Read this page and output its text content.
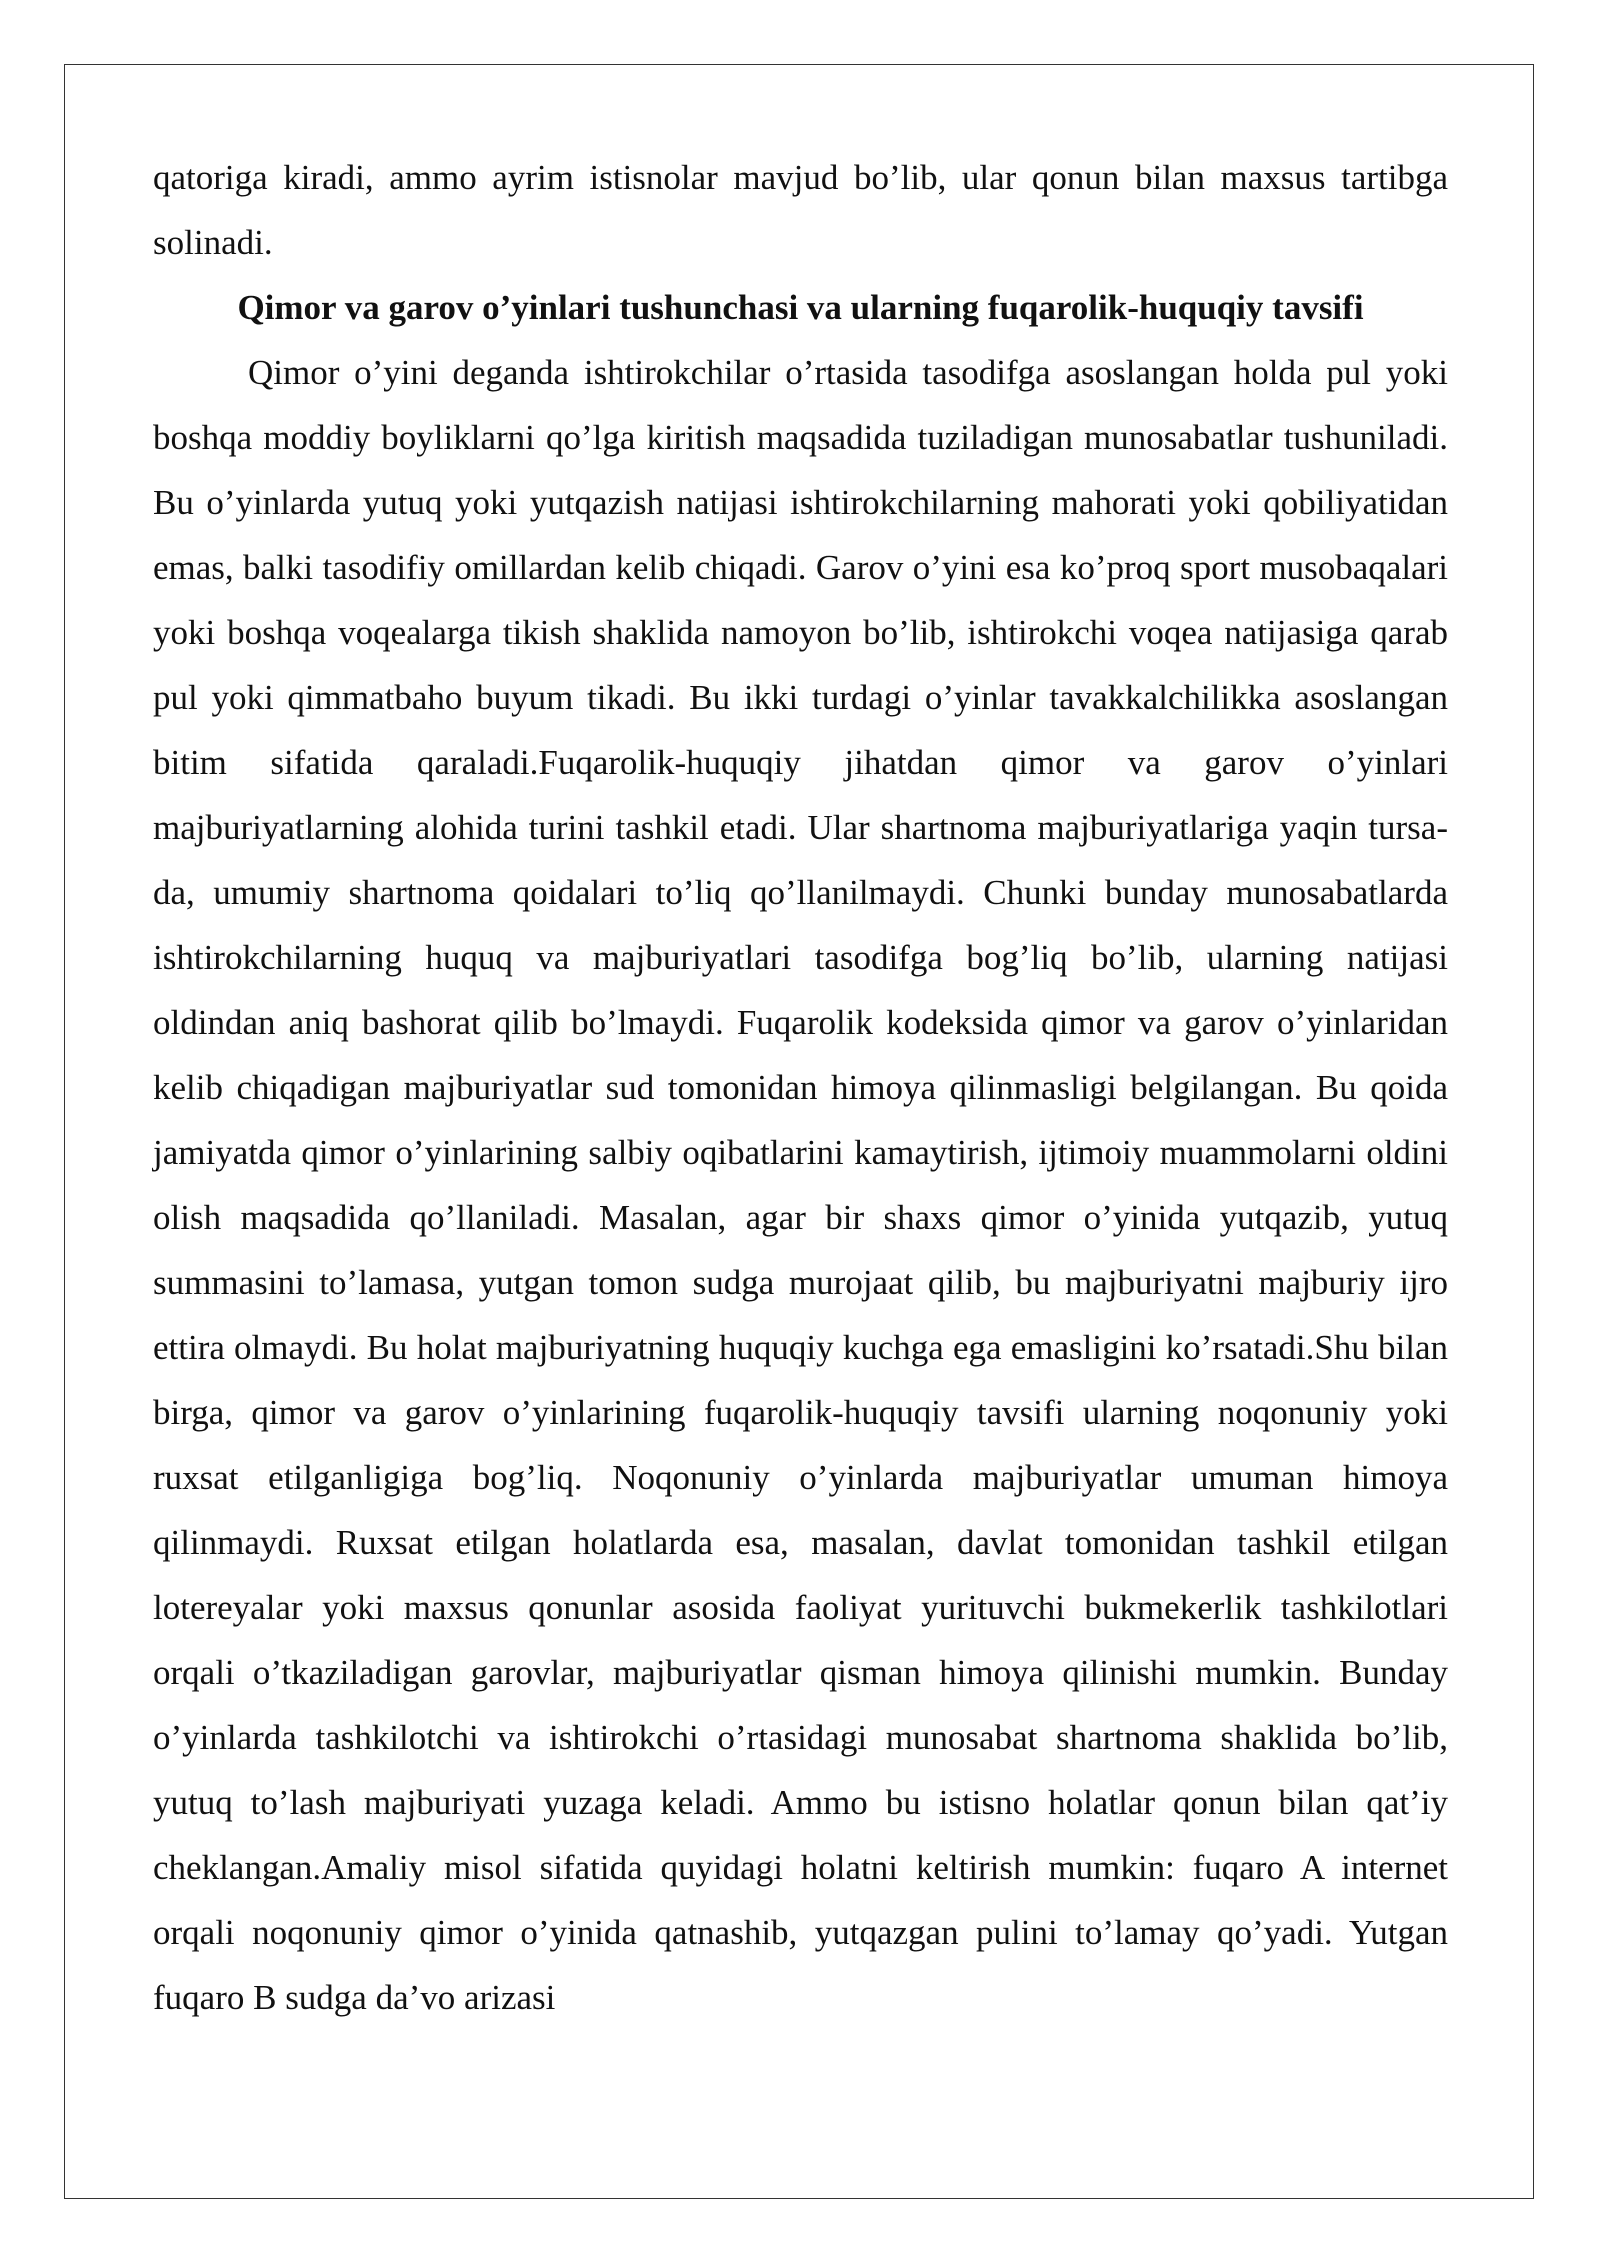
qatoriga kiradi, ammo ayrim istisnolar mavjud bo’lib, ular qonun bilan maxsus tartibga solinadi.

Qimor va garov o’yinlari tushunchasi va ularning fuqarolik-huquqiy tavsifi

Qimor o’yini deganda ishtirokchilar o’rtasida tasodifga asoslangan holda pul yoki boshqa moddiy boyliklarni qo’lga kiritish maqsadida tuziladigan munosabatlar tushuniladi. Bu o’yinlarda yutuq yoki yutqazish natijasi ishtirokchilarning mahorati yoki qobiliyatidan emas, balki tasodifiy omillardan kelib chiqadi. Garov o’yini esa ko’proq sport musobaqalari yoki boshqa voqealarga tikish shaklida namoyon bo’lib, ishtirokchi voqea natijasiga qarab pul yoki qimmatbaho buyum tikadi. Bu ikki turdagi o’yinlar tavakkalchilikka asoslangan bitim sifatida qaraladi.Fuqarolik-huquqiy jihatdan qimor va garov o’yinlari majburiyatlarning alohida turini tashkil etadi. Ular shartnoma majburiyatlariga yaqin tursa-da, umumiy shartnoma qoidalari to’liq qo’llanilmaydi. Chunki bunday munosabatlarda ishtirokchilarning huquq va majburiyatlari tasodifga bog’liq bo’lib, ularning natijasi oldindan aniq bashorat qilib bo’lmaydi. Fuqarolik kodeksida qimor va garov o’yinlaridan kelib chiqadigan majburiyatlar sud tomonidan himoya qilinmasligi belgilangan. Bu qoida jamiyatda qimor o’yinlarining salbiy oqibatlarini kamaytirish, ijtimoiy muammolarni oldini olish maqsadida qo’llaniladi. Masalan, agar bir shaxs qimor o’yinida yutqazib, yutuq summasini to’lamasa, yutgan tomon sudga murojaat qilib, bu majburiyatni majburiy ijro ettira olmaydi. Bu holat majburiyatning huquqiy kuchga ega emasligini ko’rsatadi.Shu bilan birga, qimor va garov o’yinlarining fuqarolik-huquqiy tavsifi ularning noqonuniy yoki ruxsat etilganligiga bog’liq. Noqonuniy o’yinlarda majburiyatlar umuman himoya qilinmaydi. Ruxsat etilgan holatlarda esa, masalan, davlat tomonidan tashkil etilgan lotereyalar yoki maxsus qonunlar asosida faoliyat yurituvchi bukmekerlik tashkilotlari orqali o’tkaziladigan garovlar, majburiyatlar qisman himoya qilinishi mumkin. Bunday o’yinlarda tashkilotchi va ishtirokchi o’rtasidagi munosabat shartnoma shaklida bo’lib, yutuq to’lash majburiyati yuzaga keladi. Ammo bu istisno holatlar qonun bilan qat’iy cheklangan.Amaliy misol sifatida quyidagi holatni keltirish mumkin: fuqaro A internet orqali noqonuniy qimor o’yinida qatnashib, yutqazgan pulini to’lamay qo’yadi. Yutgan fuqaro B sudga da’vo arizasi
